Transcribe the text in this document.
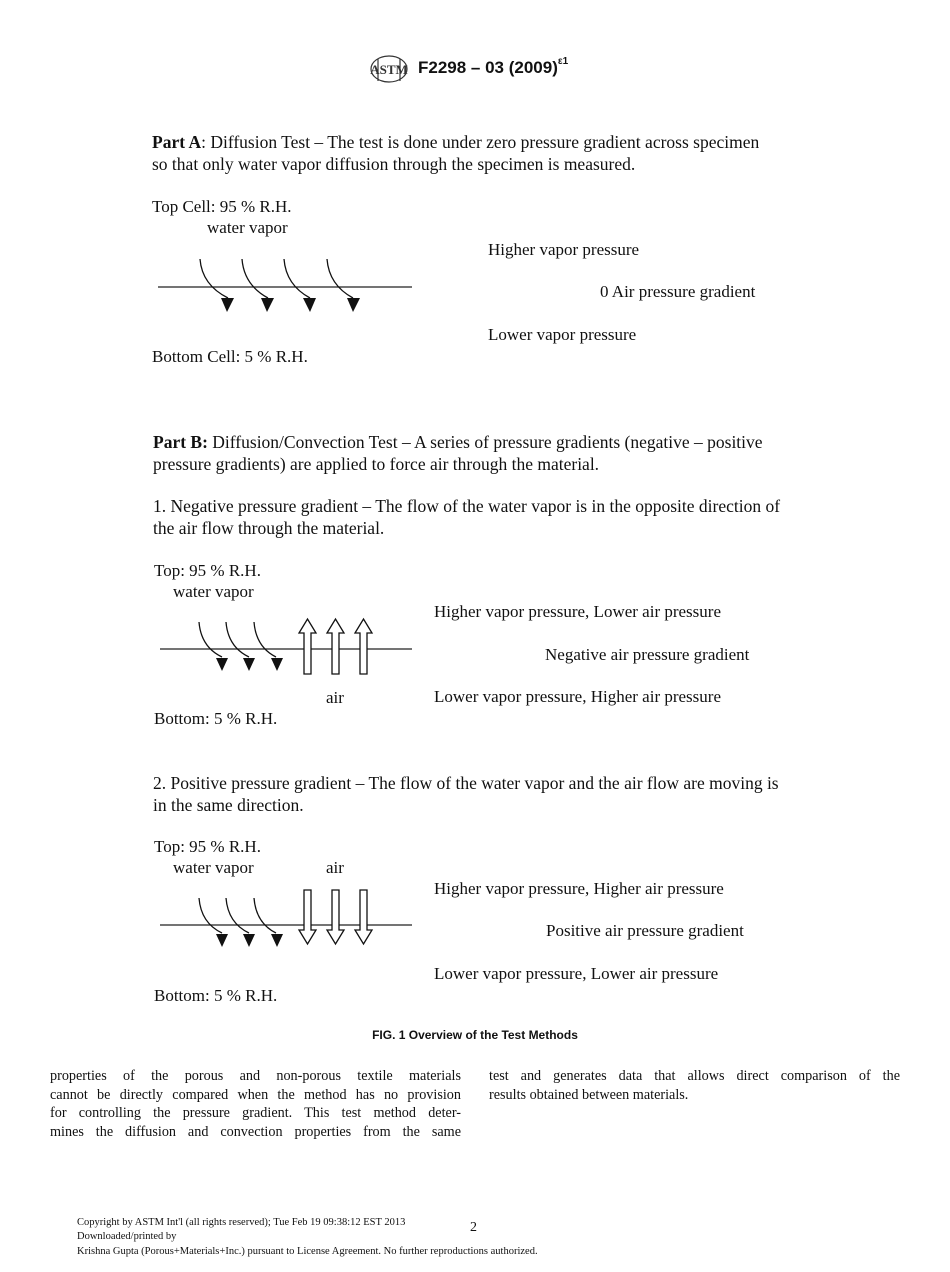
ASTM F2298 – 03 $(2009)^{\varepsilon 1}$
Part A: Diffusion Test – The test is done under zero pressure gradient across specimen
so that only water vapor diffusion through the specimen is measured.
Top Cell: 95 % R.H.
water vapor
Bottom Cell: 5 % R.H.
Higher vapor pressure
0 Air pressure gradient
Lower vapor pressure
Part B: Diffusion/Convection Test – A series of pressure gradients (negative – positive
pressure gradients) are applied to force air through the material.
1. Negative pressure gradient – The flow of the water vapor is in the opposite direction of
the air flow through the material.
Top: 95 % R.H.
water vapor
air
Bottom: 5 % R.H.
Higher vapor pressure, Lower air pressure
Negative air pressure gradient
Lower vapor pressure, Higher air pressure
2. Positive pressure gradient – The flow of the water vapor and the air flow are moving is
in the same direction.
Top: 95 % R.H.
water vapor	air
Bottom: 5 % R.H.
Higher vapor pressure, Higher air pressure
Positive air pressure gradient
Lower vapor pressure, Lower air pressure
FIG. 1 Overview of the Test Methods
properties of the porous and non-porous textile materials
cannot be directly compared when the method has no provision
for controlling the pressure gradient. This test method deter-
mines the diffusion and convection properties from the same
test and generates data that allows direct comparison of the
results obtained between materials.
Copyright by ASTM Int'l (all rights reserved); Tue Feb 19 09:38:12 EST 2013
Downloaded/printed by
Krishna Gupta (Porous+Materials+Inc.) pursuant to License Agreement. No further reproductions authorized.
2
